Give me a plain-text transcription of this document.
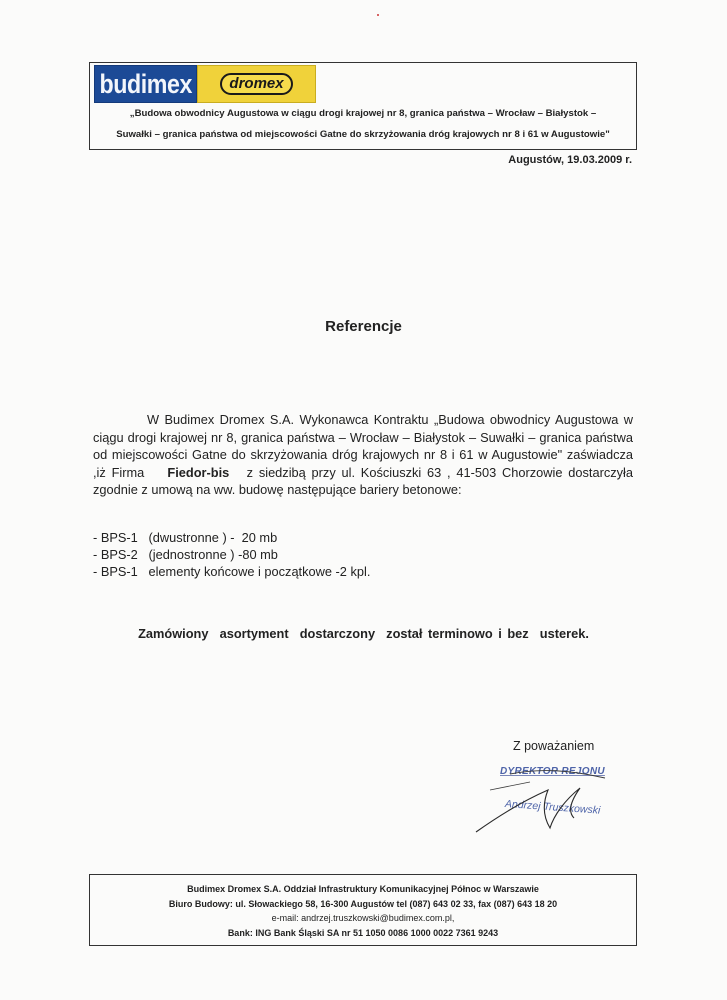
budimex	dromex
„Budowa obwodnicy Augustowa w ciągu drogi krajowej nr 8, granica państwa – Wrocław – Białystok –
Suwałki – granica państwa od miejscowości Gatne do skrzyżowania dróg krajowych nr 8 i 61 w Augustowie"
Augustów, 19.03.2009 r.
Referencje
W Budimex Dromex S.A. Wykonawca Kontraktu „Budowa obwodnicy Augustowa w ciągu drogi krajowej nr 8, granica państwa – Wrocław – Białystok – Suwałki – granica państwa od miejscowości Gatne do skrzyżowania dróg krajowych nr 8 i 61 w Augustowie" zaświadcza ,iż Firma Fiedor-bis z siedzibą przy ul. Kościuszki 63 , 41-503 Chorzowie dostarczyła zgodnie z umową na ww. budowę następujące bariery betonowe:
- BPS-1   (dwustronne ) -  20 mb
- BPS-2   (jednostronne ) -80 mb
- BPS-1   elementy końcowe i początkowe -2 kpl.
Zamówiony  asortyment  dostarczony  został terminowo i bez  usterek.
Z poważaniem
DYREKTOR REJONU
Andrzej Truszkowski
Budimex Dromex S.A. Oddział Infrastruktury Komunikacyjnej Północ w Warszawie
Biuro Budowy: ul. Słowackiego 58, 16-300 Augustów tel (087) 643 02 33, fax (087) 643 18 20
e-mail: andrzej.truszkowski@budimex.com.pl,
Bank: ING Bank Śląski SA nr 51 1050 0086 1000 0022 7361 9243
